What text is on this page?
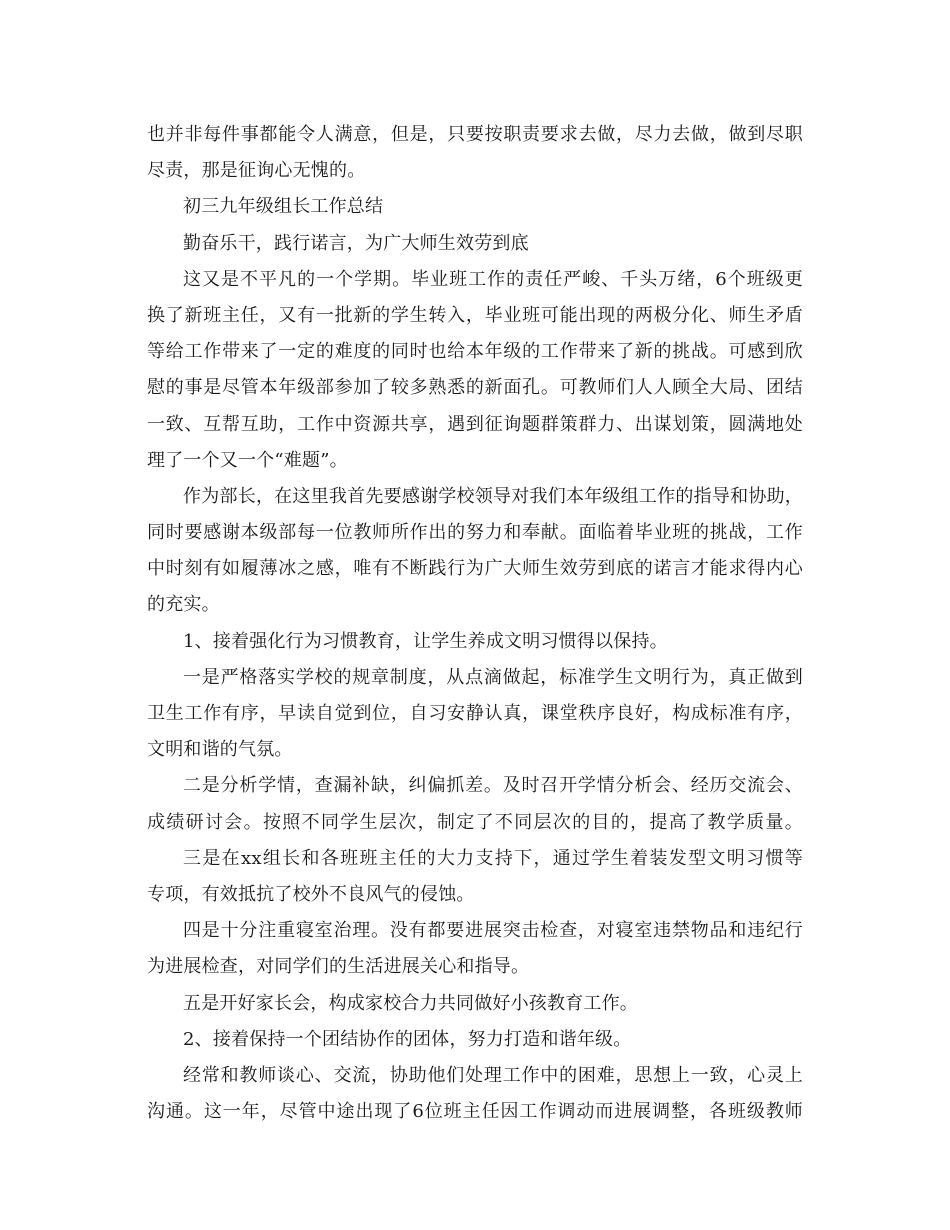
也并非每件事都能令人满意，但是，只要按职责要求去做，尽力去做，做到尽职
尽责，那是征询心无愧的。
初三九年级组长工作总结
勤奋乐干，践行诺言，为广大师生效劳到底
这又是不平凡的一个学期。毕业班工作的责任严峻、千头万绪，6个班级更
换了新班主任，又有一批新的学生转入，毕业班可能出现的两极分化、师生矛盾
等给工作带来了一定的难度的同时也给本年级的工作带来了新的挑战。可感到欣
慰的事是尽管本年级部参加了较多熟悉的新面孔。可教师们人人顾全大局、团结
一致、互帮互助，工作中资源共享，遇到征询题群策群力、出谋划策，圆满地处
理了一个又一个“难题”。
作为部长，在这里我首先要感谢学校领导对我们本年级组工作的指导和协助，
同时要感谢本级部每一位教师所作出的努力和奉献。面临着毕业班的挑战，工作
中时刻有如履薄冰之感，唯有不断践行为广大师生效劳到底的诺言才能求得内心
的充实。
1、接着强化行为习惯教育，让学生养成文明习惯得以保持。
一是严格落实学校的规章制度，从点滴做起，标准学生文明行为，真正做到
卫生工作有序，早读自觉到位，自习安静认真，课堂秩序良好，构成标准有序，
文明和谐的气氛。
二是分析学情，查漏补缺，纠偏抓差。及时召开学情分析会、经历交流会、
成绩研讨会。按照不同学生层次，制定了不同层次的目的，提高了教学质量。
三是在xx组长和各班班主任的大力支持下，通过学生着装发型文明习惯等
专项，有效抵抗了校外不良风气的侵蚀。
四是十分注重寝室治理。没有都要进展突击检查，对寝室违禁物品和违纪行
为进展检查，对同学们的生活进展关心和指导。
五是开好家长会，构成家校合力共同做好小孩教育工作。
2、接着保持一个团结协作的团体，努力打造和谐年级。
经常和教师谈心、交流，协助他们处理工作中的困难，思想上一致，心灵上
沟通。这一年，尽管中途出现了6位班主任因工作调动而进展调整，各班级教师
